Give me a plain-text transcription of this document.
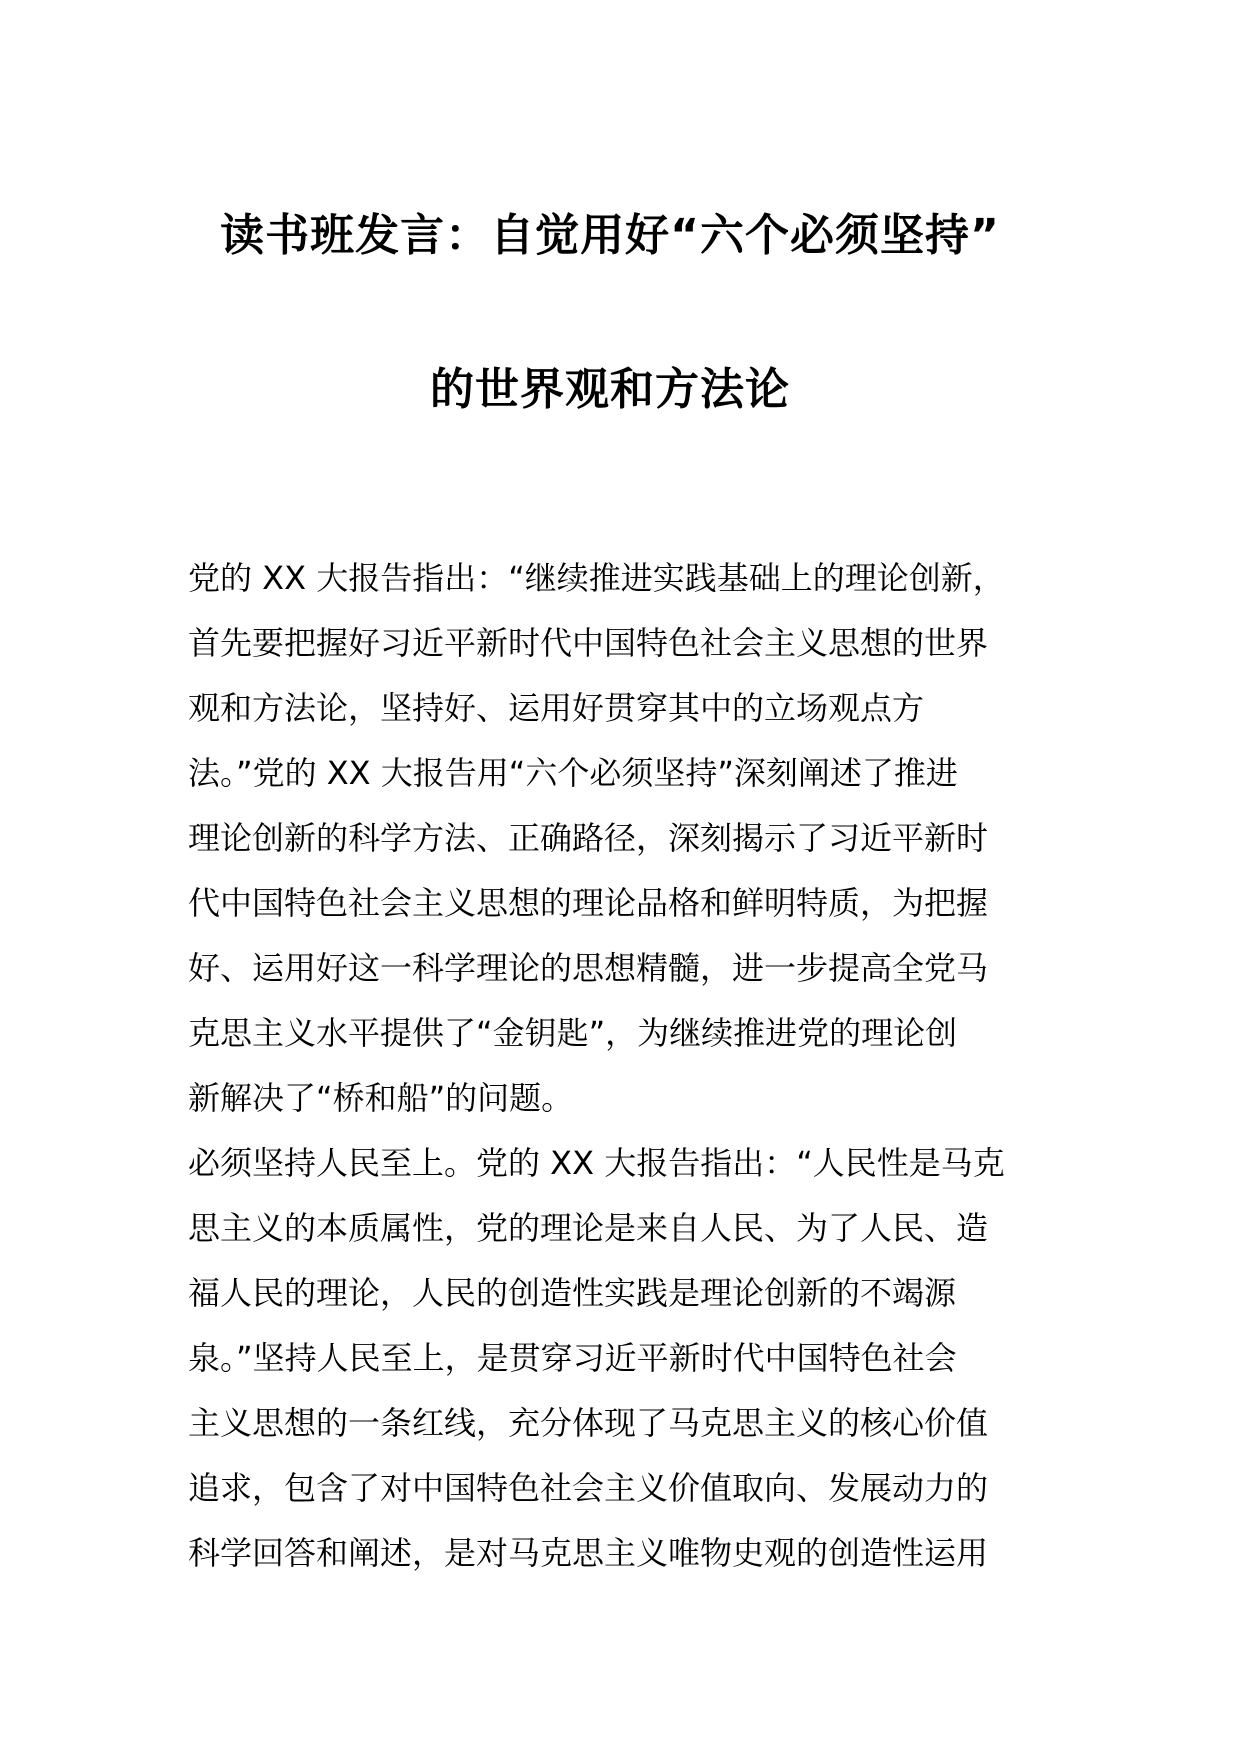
读书班发言：自觉用好“六个必须坚持”
的世界观和方法论
党的 XX 大报告指出：“继续推进实践基础上的理论创新，
首先要把握好习近平新时代中国特色社会主义思想的世界
观和方法论，坚持好、运用好贯穿其中的立场观点方
法。”党的 XX 大报告用“六个必须坚持”深刻阐述了推进
理论创新的科学方法、正确路径，深刻揭示了习近平新时
代中国特色社会主义思想的理论品格和鲜明特质，为把握
好、运用好这一科学理论的思想精髓，进一步提高全党马
克思主义水平提供了“金钥匙”，为继续推进党的理论创
新解决了“桥和船”的问题。
必须坚持人民至上。党的 XX 大报告指出：“人民性是马克
思主义的本质属性，党的理论是来自人民、为了人民、造
福人民的理论，人民的创造性实践是理论创新的不竭源
泉。”坚持人民至上，是贯穿习近平新时代中国特色社会
主义思想的一条红线，充分体现了马克思主义的核心价值
追求，包含了对中国特色社会主义价值取向、发展动力的
科学回答和阐述，是对马克思主义唯物史观的创造性运用
